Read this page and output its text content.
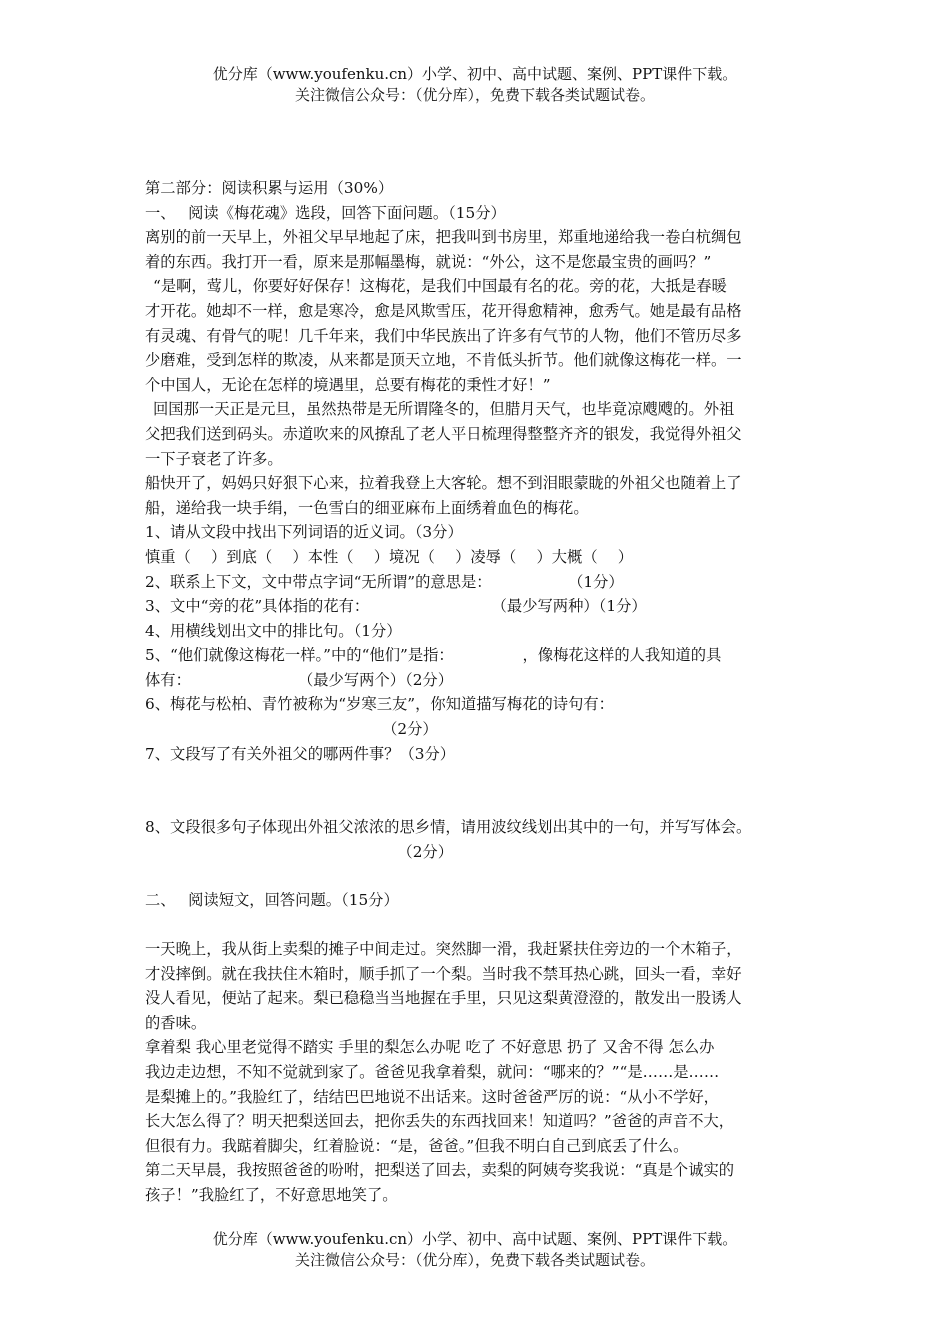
优分库（www.youfenku.cn）小学、初中、高中试题、案例、PPT课件下载。
关注微信公众号：（优分库），免费下载各类试题试卷。

第二部分：阅读积累与运用（30%）

一、　 阅读《梅花魂》选段，回答下面问题。（15分）

离别的前一天早上，外祖父早早地起了床，把我叫到书房里，郑重地递给我一卷白杭绸包

着的东西。我打开一看，原来是那幅墨梅，就说：“外公，这不是您最宝贵的画吗？”

“是啊，莺儿，你要好好保存！这梅花，是我们中国最有名的花。旁的花，大抵是春暖

才开花。她却不一样，愈是寒冷，愈是风欺雪压，花开得愈精神，愈秀气。她是最有品格

有灵魂、有骨气的呢！几千年来，我们中华民族出了许多有气节的人物，他们不管历尽多

少磨难，受到怎样的欺凌，从来都是顶天立地，不肯低头折节。他们就像这梅花一样。一

个中国人，无论在怎样的境遇里，总要有梅花的秉性才好！”

回国那一天正是元旦，虽然热带是无所谓隆冬的，但腊月天气，也毕竟凉飕飕的。外祖

父把我们送到码头。赤道吹来的风撩乱了老人平日梳理得整整齐齐的银发，我觉得外祖父

一下子衰老了许多。

船快开了，妈妈只好狠下心来，拉着我登上大客轮。想不到泪眼蒙眬的外祖父也随着上了

船，递给我一块手绢，一色雪白的细亚麻布上面绣着血色的梅花。

1、请从文段中找出下列词语的近义词。（3分）

慎重（　 ）到底（　 ）本性（　 ）境况（　 ）凌辱（　 ）大概（　 ）

2、联系上下文，文中带点字词“无所谓”的意思是：　　　　　　（1分）

3、文中“旁的花”具体指的花有：　　　　　　　　　（最少写两种）（1分）

4、用横线划出文中的排比句。（1分）

5、“他们就像这梅花一样。”中的“他们”是指：　　　　　，像梅花这样的人我知道的具

体有：　　　　　　　　（最少写两个）（2分）

6、梅花与松柏、青竹被称为“岁寒三友”，你知道描写梅花的诗句有：

　　　　　　　　　　　　　　　　（2分）

7、文段写了有关外祖父的哪两件事？（3分）

8、文段很多句子体现出外祖父浓浓的思乡情，请用波纹线划出其中的一句，并写写体会。

　　　　　　　　　　　　　　　　　（2分）

二、　 阅读短文，回答问题。（15分）

一天晚上，我从街上卖梨的摊子中间走过。突然脚一滑，我赶紧扶住旁边的一个木箱子，

才没摔倒。就在我扶住木箱时，顺手抓了一个梨。当时我不禁耳热心跳，回头一看，幸好

没人看见，便站了起来。梨已稳稳当当地握在手里，只见这梨黄澄澄的，散发出一股诱人

的香味。

拿着梨 我心里老觉得不踏实 手里的梨怎么办呢 吃了 不好意思 扔了 又舍不得 怎么办

我边走边想，不知不觉就到家了。爸爸见我拿着梨，就问：“哪来的？”“是……是……

是梨摊上的。”我脸红了，结结巴巴地说不出话来。这时爸爸严厉的说：“从小不学好，

长大怎么得了？明天把梨送回去，把你丢失的东西找回来！知道吗？”爸爸的声音不大，

但很有力。我踮着脚尖，红着脸说：“是，爸爸。”但我不明白自己到底丢了什么。

第二天早晨，我按照爸爸的吩咐，把梨送了回去，卖梨的阿姨夸奖我说：“真是个诚实的

孩子！”我脸红了，不好意思地笑了。

优分库（www.youfenku.cn）小学、初中、高中试题、案例、PPT课件下载。
关注微信公众号：（优分库），免费下载各类试题试卷。
